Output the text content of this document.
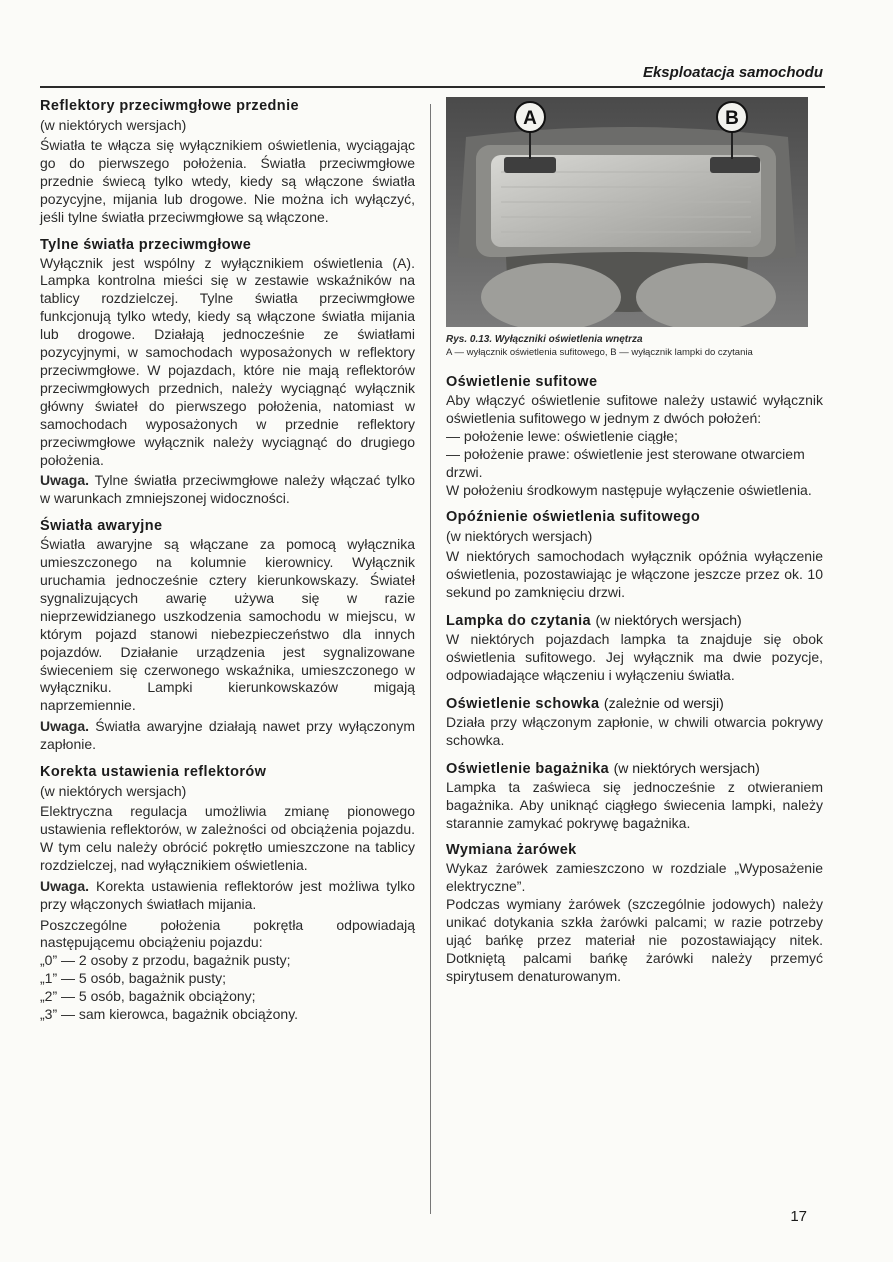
Eksploatacja samochodu
Reflektory przeciwmgłowe przednie
(w niektórych wersjach)

Światła te włącza się wyłącznikiem oświetlenia, wyciągając go do pierwszego położenia. Światła przeciwmgłowe przednie świecą tylko wtedy, kiedy są włączone światła pozycyjne, mijania lub drogowe. Nie można ich wyłączyć, jeśli tylne światła przeciwmgłowe są włączone.

Tylne światła przeciwmgłowe

Wyłącznik jest wspólny z wyłącznikiem oświetlenia (A). Lampka kontrolna mieści się w zestawie wskaźników na tablicy rozdzielczej. Tylne światła przeciwmgłowe funkcjonują tylko wtedy, kiedy są włączone światła mijania lub drogowe. Działają jednocześnie ze światłami pozycyjnymi, w samochodach wyposażonych w reflektory przeciwmgłowe. W pojazdach, które nie mają reflektorów przeciwmgłowych przednich, należy wyciągnąć wyłącznik główny świateł do pierwszego położenia, natomiast w samochodach wyposażonych w przednie reflektory przeciwmgłowe wyłącznik należy wyciągnąć do drugiego położenia.

Uwaga. Tylne światła przeciwmgłowe należy włączać tylko w warunkach zmniejszonej widoczności.

Światła awaryjne

Światła awaryjne są włączane za pomocą wyłącznika umieszczonego na kolumnie kierownicy. Wyłącznik uruchamia jednocześnie cztery kierunkowskazy. Świateł sygnalizujących awarię używa się w razie nieprzewidzianego uszkodzenia samochodu w miejscu, w którym pojazd stanowi niebezpieczeństwo dla innych pojazdów. Działanie urządzenia jest sygnalizowane świeceniem się czerwonego wskaźnika, umieszczonego w wyłączniku. Lampki kierunkowskazów migają naprzemiennie.

Uwaga. Światła awaryjne działają nawet przy wyłączonym zapłonie.

Korekta ustawienia reflektorów
(w niektórych wersjach)

Elektryczna regulacja umożliwia zmianę pionowego ustawienia reflektorów, w zależności od obciążenia pojazdu. W tym celu należy obrócić pokrętło umieszczone na tablicy rozdzielczej, nad wyłącznikiem oświetlenia.

Uwaga. Korekta ustawienia reflektorów jest możliwa tylko przy włączonych światłach mijania.

Poszczególne położenia pokrętła odpowiadają następującemu obciążeniu pojazdu:

„0” — 2 osoby z przodu, bagażnik pusty;
„1” — 5 osób, bagażnik pusty;
„2” — 5 osób, bagażnik obciążony;
„3” — sam kierowca, bagażnik obciążony.
A	B
Rys. 0.13. Wyłączniki oświetlenia wnętrza
A — wyłącznik oświetlenia sufitowego, B — wyłącznik lampki do czytania
Oświetlenie sufitowe

Aby włączyć oświetlenie sufitowe należy ustawić wyłącznik oświetlenia sufitowego w jednym z dwóch położeń:

— położenie lewe: oświetlenie ciągłe;
— położenie prawe: oświetlenie jest sterowane otwarciem drzwi.

W położeniu środkowym następuje wyłączenie oświetlenia.

Opóźnienie oświetlenia sufitowego
(w niektórych wersjach)

W niektórych samochodach wyłącznik opóźnia wyłączenie oświetlenia, pozostawiając je włączone jeszcze przez ok. 10 sekund po zamknięciu drzwi.

Lampka do czytania (w niektórych wersjach)

W niektórych pojazdach lampka ta znajduje się obok oświetlenia sufitowego. Jej wyłącznik ma dwie pozycje, odpowiadające włączeniu i wyłączeniu światła.

Oświetlenie schowka (zależnie od wersji)

Działa przy włączonym zapłonie, w chwili otwarcia pokrywy schowka.

Oświetlenie bagażnika (w niektórych wersjach)

Lampka ta zaświeca się jednocześnie z otwieraniem bagażnika. Aby uniknąć ciągłego świecenia lampki, należy starannie zamykać pokrywę bagażnika.

Wymiana żarówek

Wykaz żarówek zamieszczono w rozdziale „Wyposażenie elektryczne”.

Podczas wymiany żarówek (szczególnie jodowych) należy unikać dotykania szkła żarówki palcami; w razie potrzeby ująć bańkę przez materiał nie pozostawiający nitek. Dotkniętą palcami bańkę żarówki należy przemyć spirytusem denaturowanym.

17
